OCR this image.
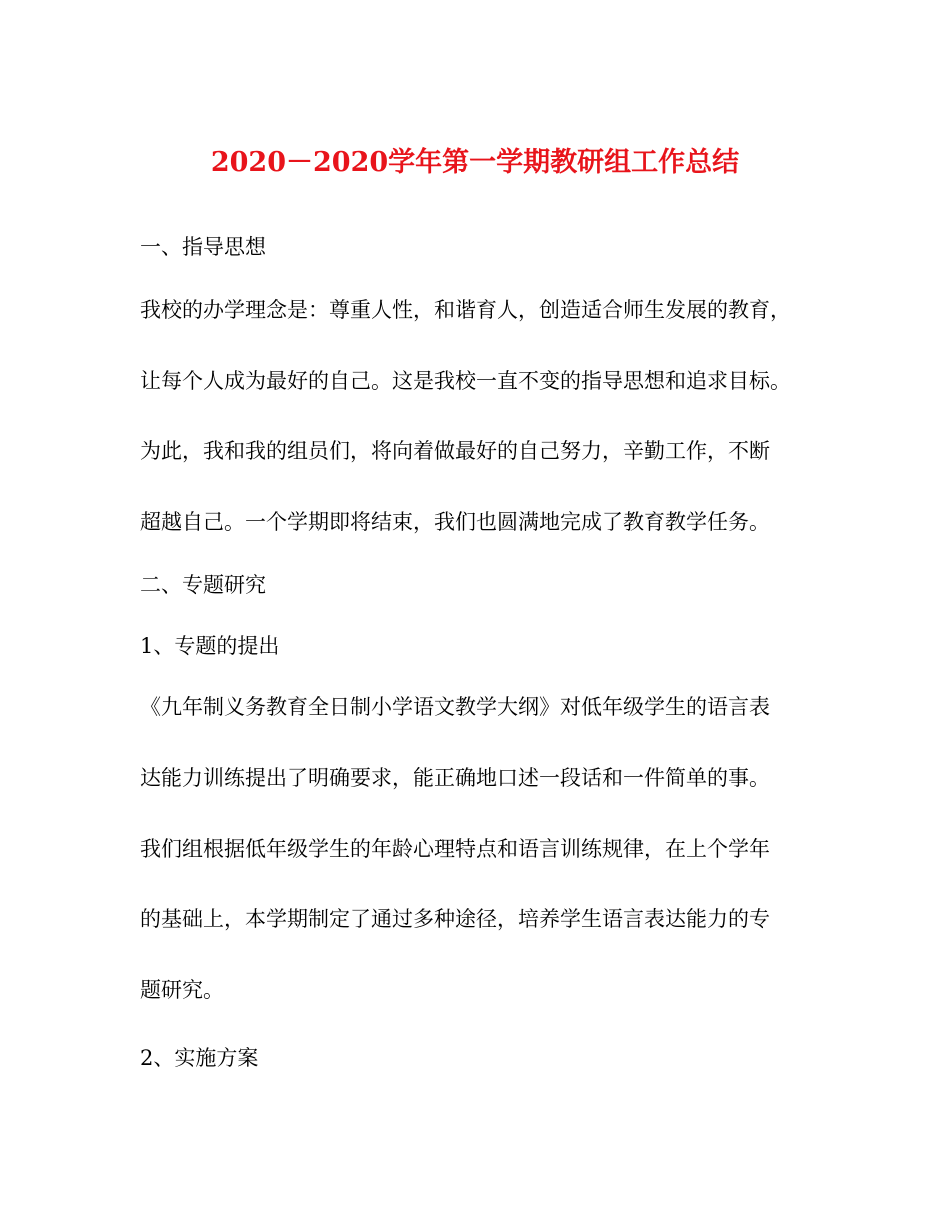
2020－2020学年第一学期教研组工作总结
一、指导思想
我校的办学理念是：尊重人性，和谐育人，创造适合师生发展的教育，
让每个人成为最好的自己。这是我校一直不变的指导思想和追求目标。
为此，我和我的组员们，将向着做最好的自己努力，辛勤工作，不断
超越自己。一个学期即将结束，我们也圆满地完成了教育教学任务。
二、专题研究
1、专题的提出
《九年制义务教育全日制小学语文教学大纲》对低年级学生的语言表
达能力训练提出了明确要求，能正确地口述一段话和一件简单的事。
我们组根据低年级学生的年龄心理特点和语言训练规律，在上个学年
的基础上，本学期制定了通过多种途径，培养学生语言表达能力的专
题研究。
2、实施方案
